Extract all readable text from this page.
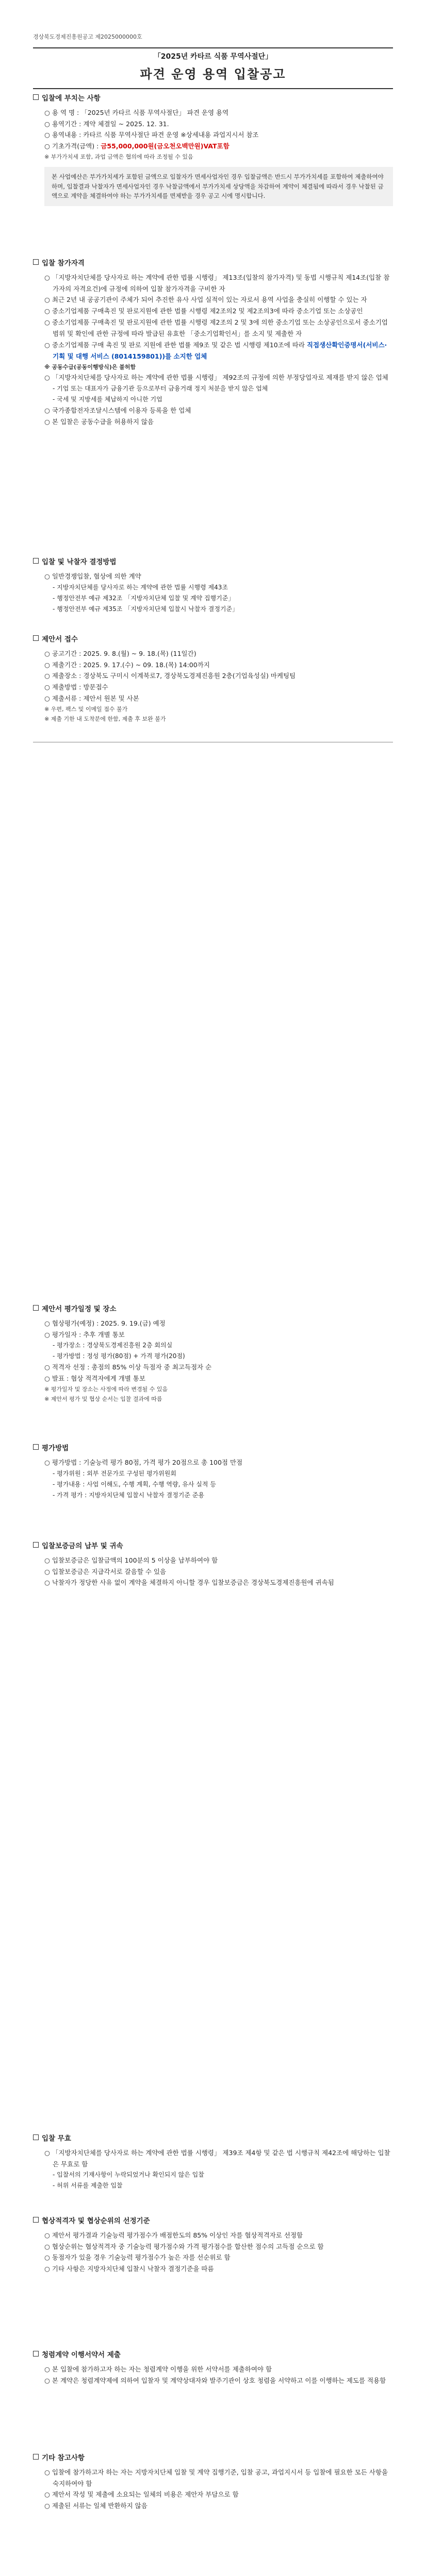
경상북도경제진흥원공고 제2025000000호
「2025년 카타르 식품 무역사절단」
파견 운영 용역 입찰공고
입찰에 부치는 사항

○ 용 역 명 : 「2025년 카타르 식품 무역사절단」 파견 운영 용역

○ 용역기간 : 계약 체결일 ~ 2025. 12. 31.

○ 용역내용 : 카타르 식품 무역사절단 파견 운영 ※상세내용 과업지시서 참조

○ 기초가격(금액) : 금55,000,000원(금오천오백만원)VAT포함

※ 부가가치세 포함, 과업 금액은 협의에 따라 조정될 수 있음

본 사업예산은 부가가치세가 포함된 금액으로 입찰자가 면세사업자인 경우 입찰금액은 반드시 부가가치세를 포함하여 제출하여야 하며, 입찰결과 낙찰자가 면세사업자인 경우 낙찰금액에서 부가가치세 상당액을 차감하여 계약이 체결됨에 따라서 경우 낙찰된 금액으로 계약을 체결하여야 하는 부가가치세를 면제받을 경우 공고 시에 명시합니다.
입찰 참가자격

○ 「지방자치단체를 당사자로 하는 계약에 관한 법률 시행령」 제13조(입찰의 참가자격) 및 동법 시행규칙 제14조(입찰 참가자의 자격요건)에 규정에 의하여 입찰 참가자격을 구비한 자

○ 최근 2년 내 공공기관이 주체가 되어 추진한 유사 사업 실적이 있는 자로서 용역 사업을 충실히 이행할 수 있는 자

○ 중소기업제품 구매촉진 및 판로지원에 관한 법률 시행령 제2조의2 및 제2조의3에 따라 중소기업 또는 소상공인

○ 중소기업제품 구매촉진 및 판로지원에 관한 법률 시행령 제2조의 2 및 3에 의한 중소기업 또는 소상공인으로서 중소기업 범위 및 확인에 관한 규정에 따라 발급된 유효한 「중소기업확인서」를 소지 및 제출한 자

○ 중소기업제품 구매 촉진 및 판로 지원에 관한 법률 제9조 및 같은 법 시행령 제10조에 따라 직접생산확인증명서(서비스·기획 및 대행 서비스 (8014159801))를 소지한 업체

※ 공동수급(공동이행방식)은 불허함

○ 「지방자치단체를 당사자로 하는 계약에 관한 법률 시행령」 제92조의 규정에 의한 부정당업자로 제재를 받지 않은 업체

- 기업 또는 대표자가 금융기관 등으로부터 금융거래 정지 처분을 받지 않은 업체

- 국세 및 지방세를 체납하지 아니한 기업

○ 국가종합전자조달시스템에 이용자 등록을 한 업체

○ 본 입찰은 공동수급을 허용하지 않음

입찰 및 낙찰자 결정방법

○ 일반경쟁입찰, 협상에 의한 계약

- 지방자치단체를 당사자로 하는 계약에 관한 법률 시행령 제43조

- 행정안전부 예규 제32조 「지방자치단체 입찰 및 계약 집행기준」

- 행정안전부 예규 제35조 「지방자치단체 입찰시 낙찰자 결정기준」

제안서 접수

○ 공고기간 : 2025. 9. 8.(월) ~ 9. 18.(목) (11일간)

○ 제출기간 : 2025. 9. 17.(수) ~ 09. 18.(목) 14:00까지

○ 제출장소 : 경상북도 구미시 이계북로7, 경상북도경제진흥원 2층(기업육성실) 마케팅팀

○ 제출방법 : 방문접수

○ 제출서류 : 제안서 원본 및 사본

※ 우편, 팩스 및 이메일 접수 불가

※ 제출 기한 내 도착분에 한함, 제출 후 보완 불가

제안서 평가일정 및 장소

○ 협상평가(예정) : 2025. 9. 19.(금) 예정

○ 평가일자 : 추후 개별 통보

- 평가장소 : 경상북도경제진흥원 2층 회의실

- 평가방법 : 정성 평가(80점) + 가격 평가(20점)

○ 적격자 선정 : 총점의 85% 이상 득점자 중 최고득점자 순

○ 발표 : 협상 적격자에게 개별 통보

※ 평가일자 및 장소는 사정에 따라 변경될 수 있음

※ 제안서 평가 및 협상 순서는 입찰 결과에 따름

평가방법

○ 평가방법 : 기술능력 평가 80점, 가격 평가 20점으로 총 100점 만점

- 평가위원 : 외부 전문가로 구성된 평가위원회

- 평가내용 : 사업 이해도, 수행 계획, 수행 역량, 유사 실적 등

- 가격 평가 : 지방자치단체 입찰시 낙찰자 결정기준 준용

입찰보증금의 납부 및 귀속

○ 입찰보증금은 입찰금액의 100분의 5 이상을 납부하여야 함

○ 입찰보증금은 지급각서로 갈음할 수 있음

○ 낙찰자가 정당한 사유 없이 계약을 체결하지 아니할 경우 입찰보증금은 경상북도경제진흥원에 귀속됨

입찰 무효

○ 「지방자치단체를 당사자로 하는 계약에 관한 법률 시행령」 제39조 제4항 및 같은 법 시행규칙 제42조에 해당하는 입찰은 무효로 함

- 입찰서의 기재사항이 누락되었거나 확인되지 않은 입찰

- 허위 서류를 제출한 입찰

협상적격자 및 협상순위의 선정기준

○ 제안서 평가결과 기술능력 평가점수가 배점한도의 85% 이상인 자를 협상적격자로 선정함

○ 협상순위는 협상적격자 중 기술능력 평가점수와 가격 평가점수를 합산한 점수의 고득점 순으로 함

○ 동점자가 있을 경우 기술능력 평가점수가 높은 자를 선순위로 함

○ 기타 사항은 지방자치단체 입찰시 낙찰자 결정기준을 따름

청렴계약 이행서약서 제출

○ 본 입찰에 참가하고자 하는 자는 청렴계약 이행을 위한 서약서를 제출하여야 함

○ 본 계약은 청렴계약제에 의하여 입찰자 및 계약상대자와 발주기관이 상호 청렴을 서약하고 이를 이행하는 제도를 적용함

기타 참고사항

○ 입찰에 참가하고자 하는 자는 지방자치단체 입찰 및 계약 집행기준, 입찰 공고, 과업지시서 등 입찰에 필요한 모든 사항을 숙지하여야 함

○ 제안서 작성 및 제출에 소요되는 일체의 비용은 제안자 부담으로 함

○ 제출된 서류는 일체 반환하지 않음
